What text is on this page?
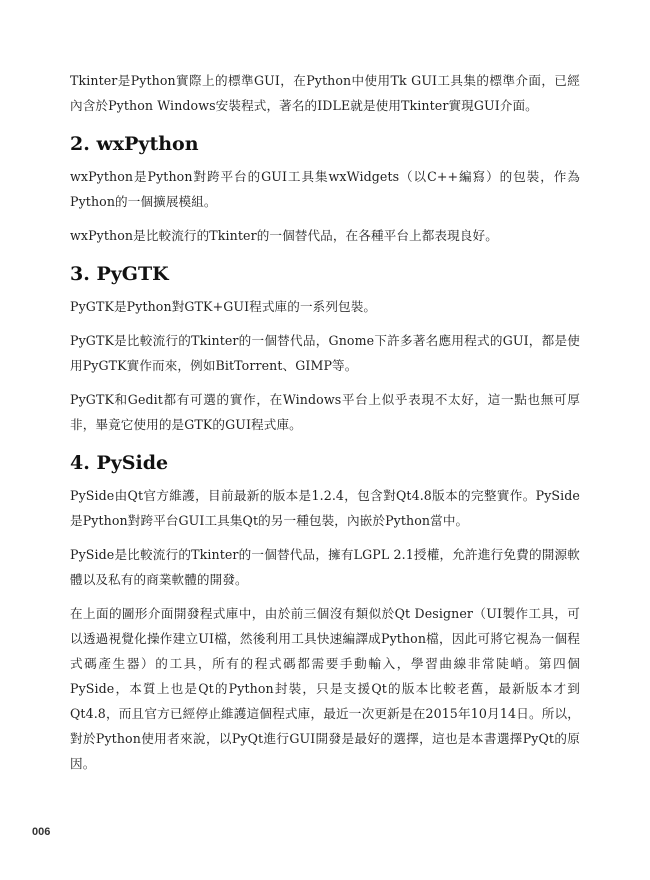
Tkinter是Python實際上的標準GUI，在Python中使用Tk GUI工具集的標準介面，已經內含於Python Windows安裝程式，著名的IDLE就是使用Tkinter實現GUI介面。

2. wxPython

wxPython是Python對跨平台的GUI工具集wxWidgets（以C++編寫）的包裝，作為Python的一個擴展模組。

wxPython是比較流行的Tkinter的一個替代品，在各種平台上都表現良好。

3. PyGTK

PyGTK是Python對GTK+GUI程式庫的一系列包裝。

PyGTK是比較流行的Tkinter的一個替代品，Gnome下許多著名應用程式的GUI，都是使用PyGTK實作而來，例如BitTorrent、GIMP等。

PyGTK和Gedit都有可選的實作，在Windows平台上似乎表現不太好，這一點也無可厚非，畢竟它使用的是GTK的GUI程式庫。

4. PySide

PySide由Qt官方維護，目前最新的版本是1.2.4，包含對Qt4.8版本的完整實作。PySide是Python對跨平台GUI工具集Qt的另一種包裝，內嵌於Python當中。

PySide是比較流行的Tkinter的一個替代品，擁有LGPL 2.1授權，允許進行免費的開源軟體以及私有的商業軟體的開發。

在上面的圖形介面開發程式庫中，由於前三個沒有類似於Qt Designer（UI製作工具，可以透過視覺化操作建立UI檔，然後利用工具快速編譯成Python檔，因此可將它視為一個程式碼產生器）的工具，所有的程式碼都需要手動輸入，學習曲線非常陡峭。第四個PySide，本質上也是Qt的Python封裝，只是支援Qt的版本比較老舊，最新版本才到Qt4.8，而且官方已經停止維護這個程式庫，最近一次更新是在2015年10月14日。所以，對於Python使用者來說，以PyQt進行GUI開發是最好的選擇，這也是本書選擇PyQt的原因。

006
